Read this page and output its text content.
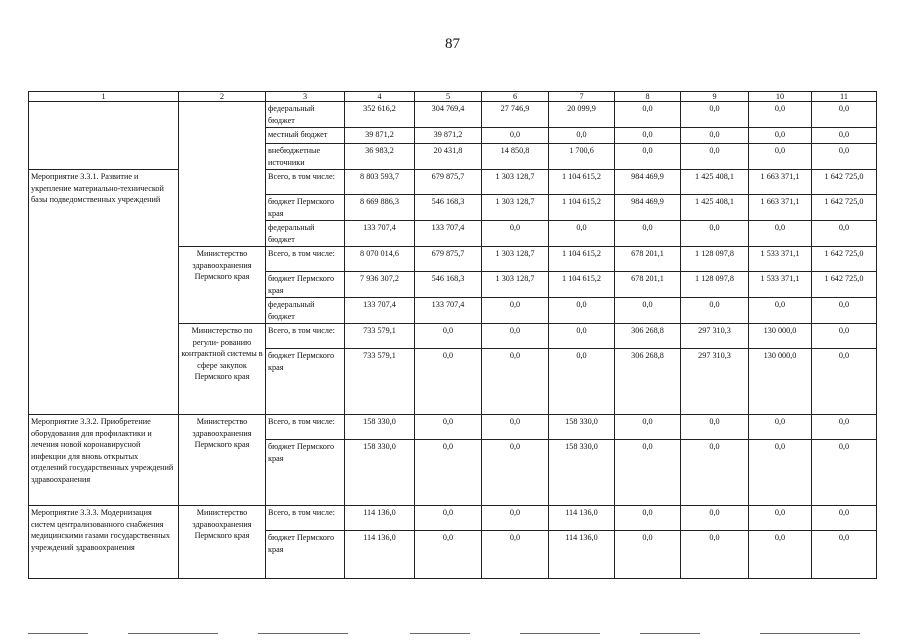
87
1	2	3	4	5	6	7	8	9	10	11
		федеральный бюджет	352 616,2	304 769,4	27 746,9	20 099,9	0,0	0,0	0,0	0,0
		местный бюджет	39 871,2	39 871,2	0,0	0,0	0,0	0,0	0,0	0,0
		внебюджетные источники	36 983,2	20 431,8	14 850,8	1 700,6	0,0	0,0	0,0	0,0
Мероприятие 3.3.1. Развитие и укрепление материально-технической базы подведомственных учреждений		Всего, в том числе:	8 803 593,7	679 875,7	1 303 128,7	1 104 615,2	984 469,9	1 425 408,1	1 663 371,1	1 642 725,0
		бюджет Пермского края	8 669 886,3	546 168,3	1 303 128,7	1 104 615,2	984 469,9	1 425 408,1	1 663 371,1	1 642 725,0
		федеральный бюджет	133 707,4	133 707,4	0,0	0,0	0,0	0,0	0,0	0,0
	Министерство здравоохранения Пермского края	Всего, в том числе:	8 070 014,6	679 875,7	1 303 128,7	1 104 615,2	678 201,1	1 128 097,8	1 533 371,1	1 642 725,0
		бюджет Пермского края	7 936 307,2	546 168,3	1 303 128,7	1 104 615,2	678 201,1	1 128 097,8	1 533 371,1	1 642 725,0
		федеральный бюджет	133 707,4	133 707,4	0,0	0,0	0,0	0,0	0,0	0,0
	Министерство по регули- рованию контрактной системы в сфере закупок Пермского края	Всего, в том числе:	733 579,1	0,0	0,0	0,0	306 268,8	297 310,3	130 000,0	0,0
		бюджет Пермского края	733 579,1	0,0	0,0	0,0	306 268,8	297 310,3	130 000,0	0,0
Мероприятие 3.3.2. Приобретение оборудования для профилактики и лечения новой коронавирусной инфекции для вновь открытых отделений государственных учреждений здравоохранения	Министерство здравоохранения Пермского края	Всего, в том числе:	158 330,0	0,0	0,0	158 330,0	0,0	0,0	0,0	0,0
		бюджет Пермского края	158 330,0	0,0	0,0	158 330,0	0,0	0,0	0,0	0,0
Мероприятие 3.3.3. Модернизация систем централизованного снабжения медицинскими газами государственных учреждений здравоохранения	Министерство здравоохранения Пермского края	Всего, в том числе:	114 136,0	0,0	0,0	114 136,0	0,0	0,0	0,0	0,0
		бюджет Пермского края	114 136,0	0,0	0,0	114 136,0	0,0	0,0	0,0	0,0
